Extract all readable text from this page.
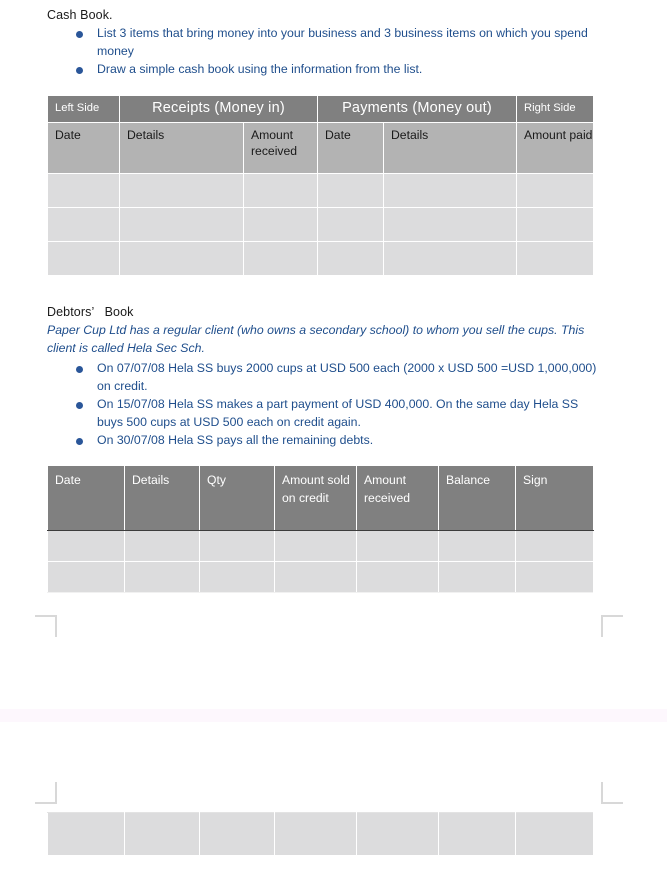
Cash Book.
List 3 items that bring money into your business and 3 business items on which you spend money
Draw a simple cash book using the information from the list.
Left Side	Receipts (Money in)		Payments (Money out)		Right Side

Date	Details	Amount received	Date	Details	Amount paid

Debtors’   Book
Paper Cup Ltd has a regular client (who owns a secondary school) to whom you sell the cups. This client is called Hela Sec Sch.
On 07/07/08 Hela SS buys 2000 cups at USD 500 each (2000 x USD 500 =USD 1,000,000) on credit.
On 15/07/08 Hela SS makes a part payment of USD 400,000. On the same day Hela SS buys 500 cups at USD 500 each on credit again.
On 30/07/08 Hela SS pays all the remaining debts.
Date	Details	Qty	Amount sold on credit	Amount received	Balance	Sign
